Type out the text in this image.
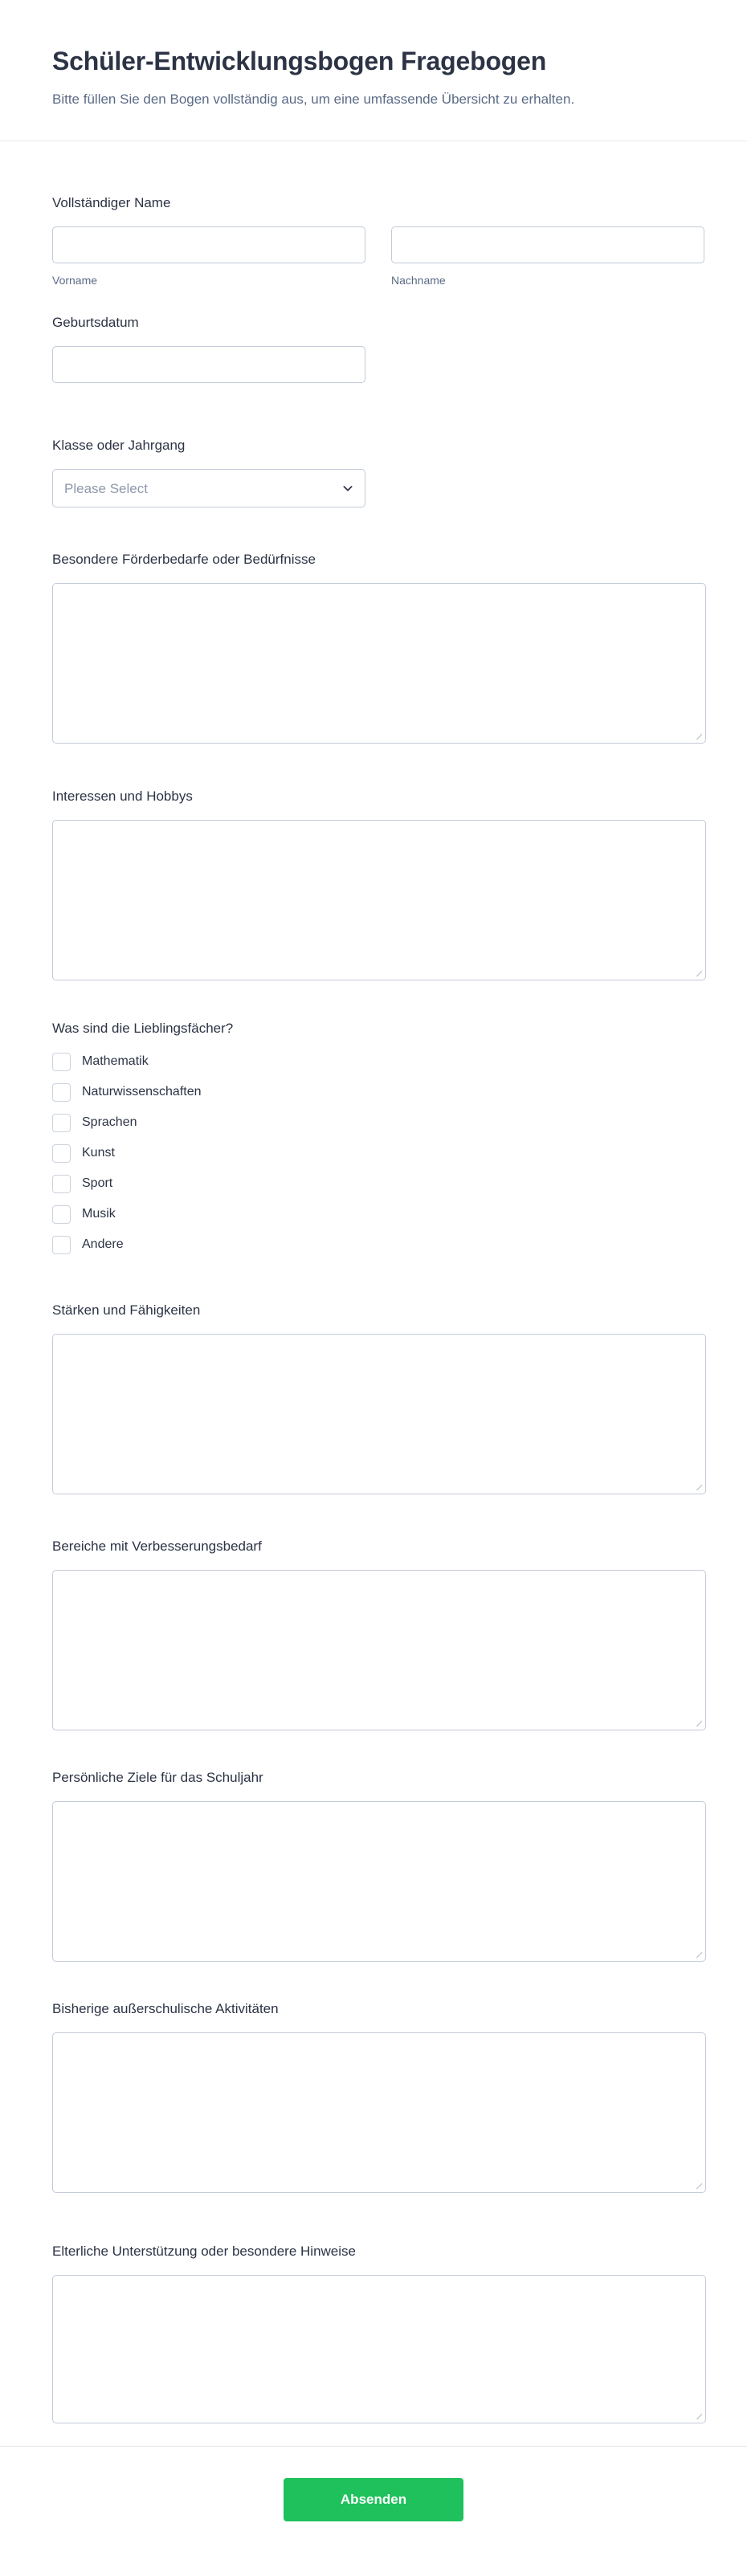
Schüler-Entwicklungsbogen Fragebogen
Bitte füllen Sie den Bogen vollständig aus, um eine umfassende Übersicht zu erhalten.
Vollständiger Name
Vorname	Nachname
Geburtsdatum
Klasse oder Jahrgang
Please Select
Besondere Förderbedarfe oder Bedürfnisse
Interessen und Hobbys
Was sind die Lieblingsfächer?
Mathematik
Naturwissenschaften
Sprachen
Kunst
Sport
Musik
Andere
Stärken und Fähigkeiten
Bereiche mit Verbesserungsbedarf
Persönliche Ziele für das Schuljahr
Bisherige außerschulische Aktivitäten
Elterliche Unterstützung oder besondere Hinweise
Absenden
